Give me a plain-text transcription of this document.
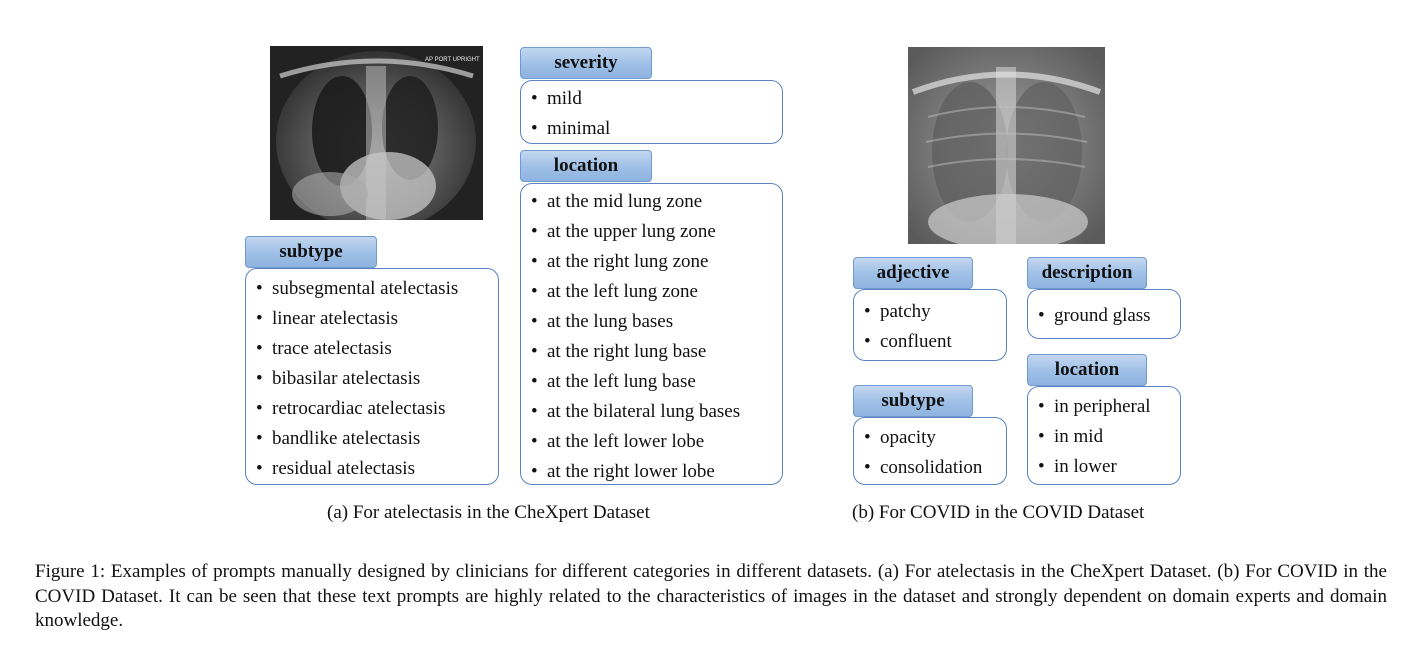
AP PORT UPRIGHT	severity
• mild
• minimal
location
• at the mid lung zone
• at the upper lung zone
• at the right lung zone
• at the left lung zone
• at the lung bases
• at the right lung base
• at the left lung base
• at the bilateral lung bases
• at the left lower lobe
• at the right lower lobe
subtype
• subsegmental atelectasis
• linear atelectasis
• trace atelectasis
• bibasilar atelectasis
• retrocardiac atelectasis
• bandlike atelectasis
• residual atelectasis
(a) For atelectasis in the CheXpert Dataset
adjective
• patchy
• confluent
description
• ground glass
location
• in peripheral
• in mid
• in lower
subtype
• opacity
• consolidation
(b) For COVID in the COVID Dataset
Figure 1: Examples of prompts manually designed by clinicians for different categories in different datasets. (a) For atelectasis in the CheXpert Dataset. (b) For COVID in the COVID Dataset. It can be seen that these text prompts are highly related to the characteristics of images in the dataset and strongly dependent on domain experts and domain knowledge.
